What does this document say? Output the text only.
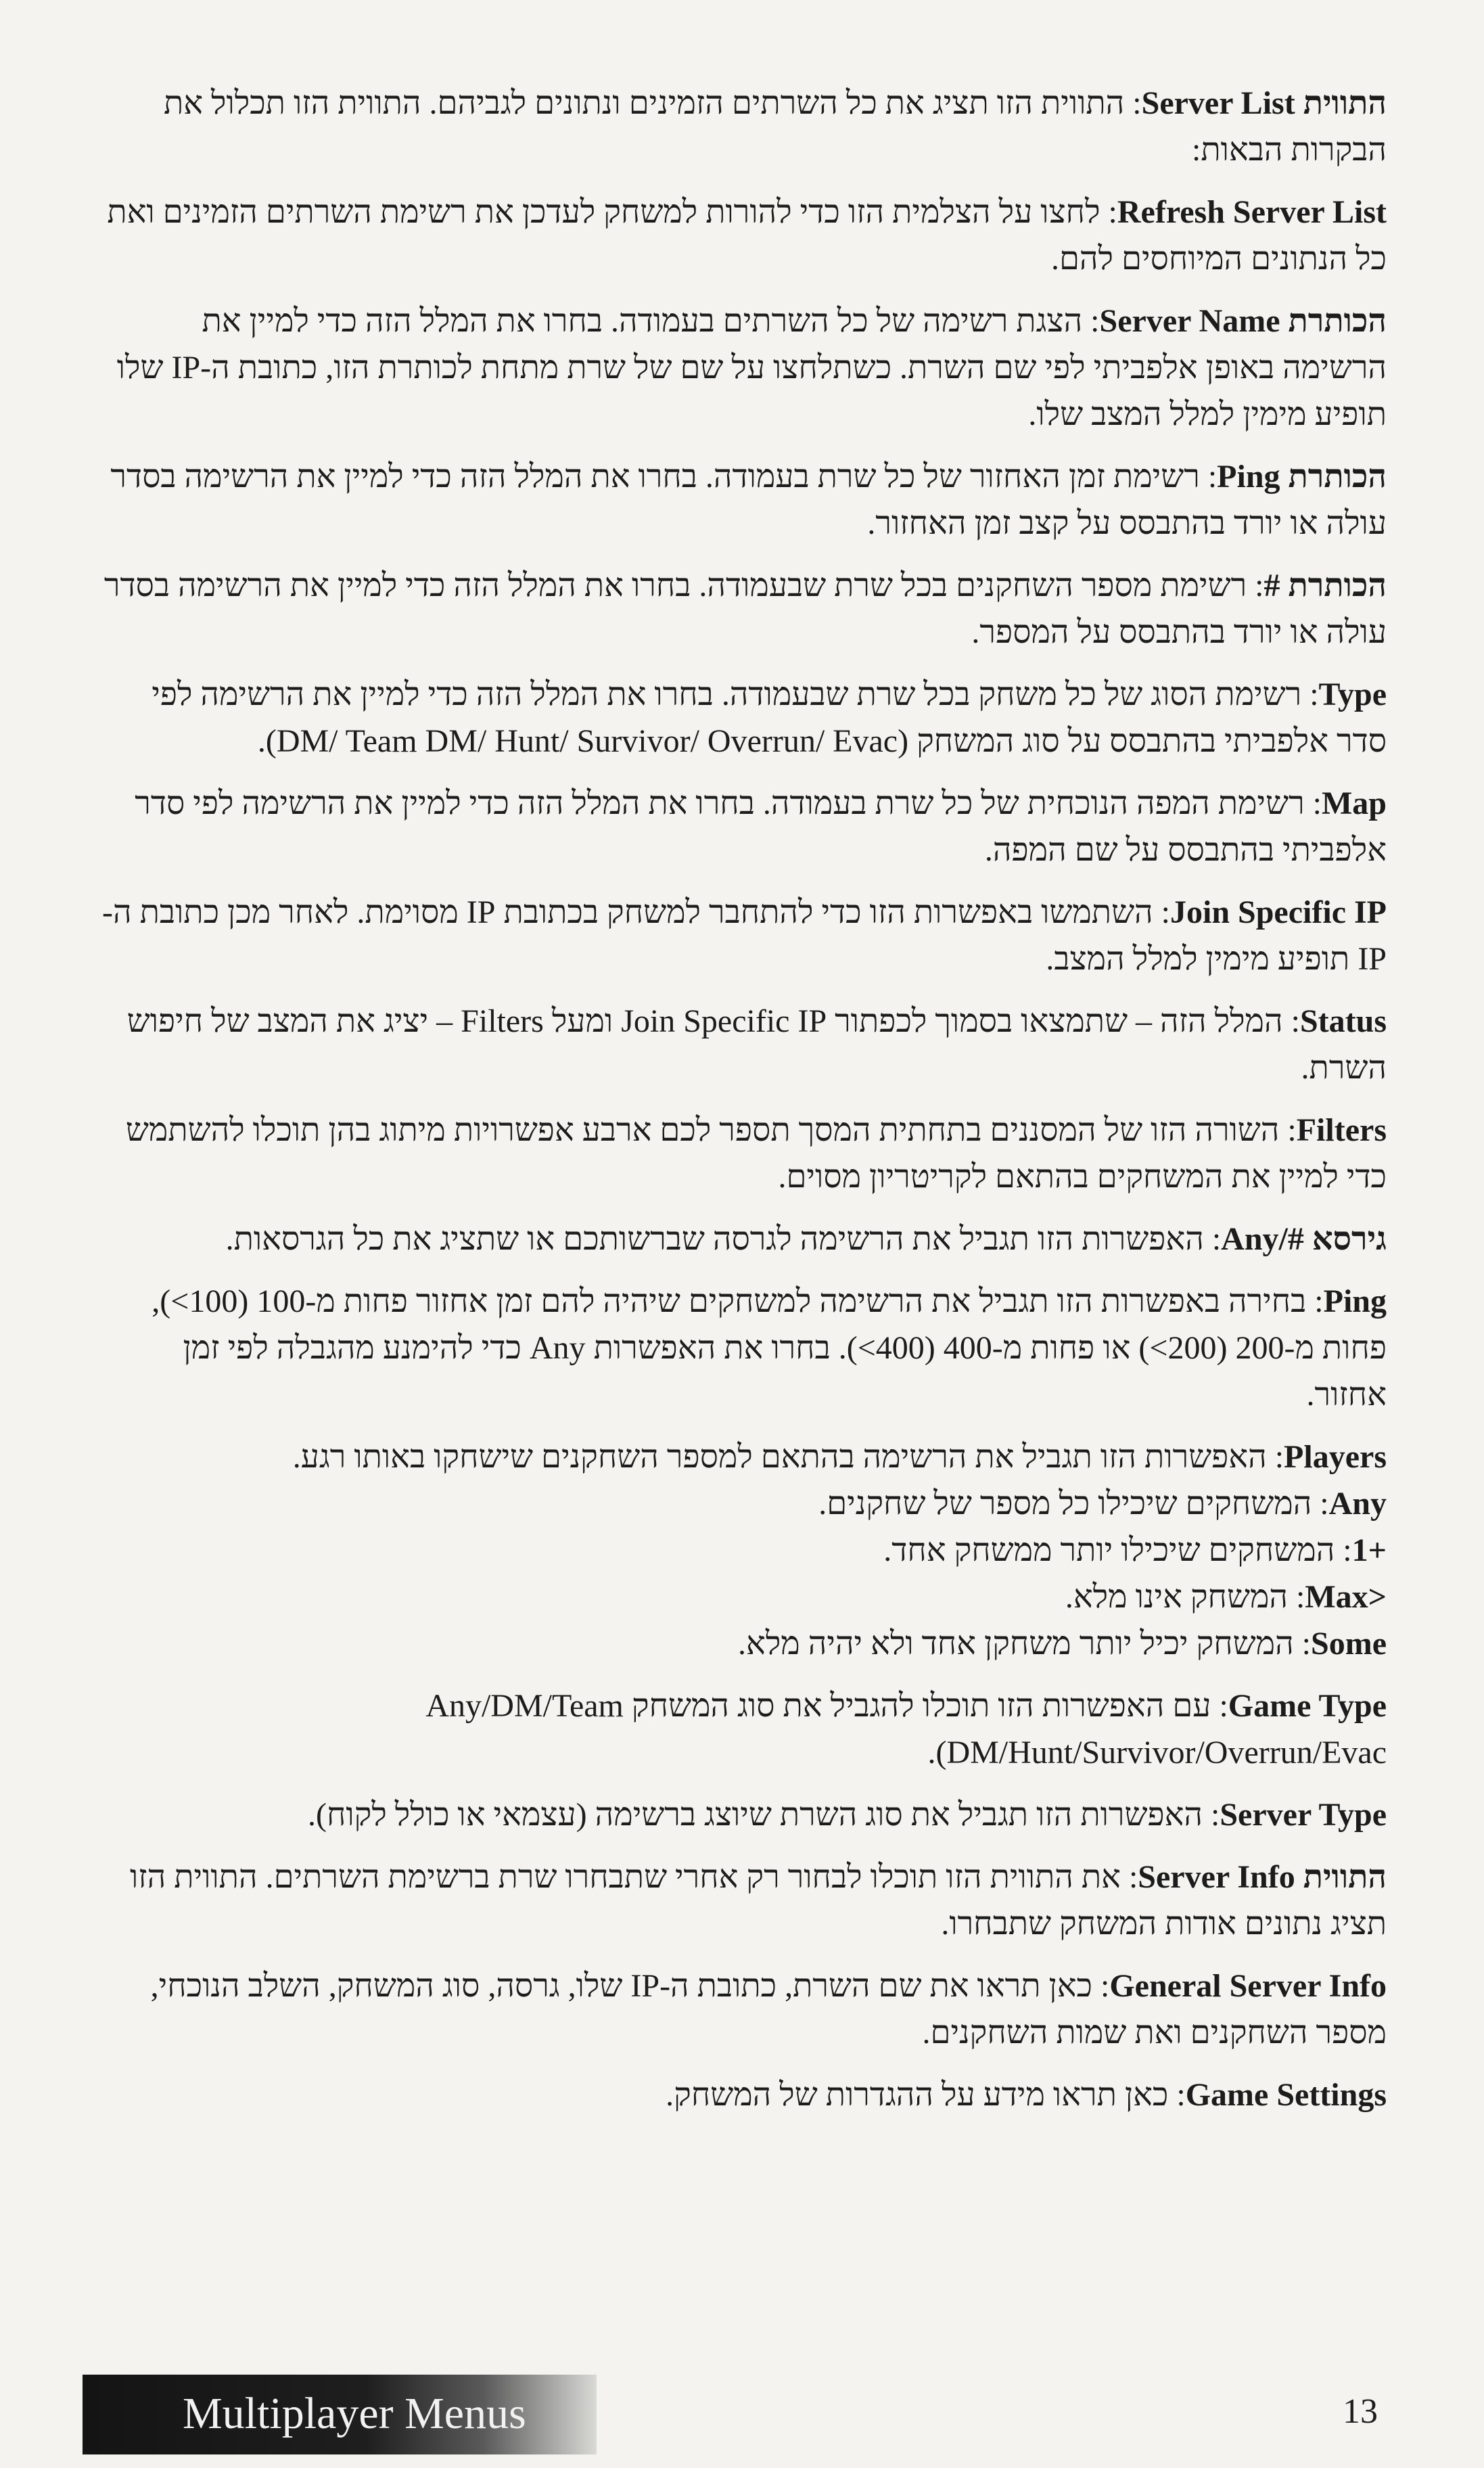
התווית Server List: התווית הזו תציג את כל השרתים הזמינים ונתונים לגביהם. התווית הזו תכלול את הבקרות הבאות:

Refresh Server List: לחצו על הצלמית הזו כדי להורות למשחק לעדכן את רשימת השרתים הזמינים ואת כל הנתונים המיוחסים להם.

הכותרת Server Name: הצגת רשימה של כל השרתים בעמודה. בחרו את המלל הזה כדי למיין את הרשימה באופן אלפביתי לפי שם השרת. כשתלחצו על שם של שרת מתחת לכותרת הזו, כתובת ה-IP שלו תופיע מימין למלל המצב שלו.

הכותרת Ping: רשימת זמן האחזור של כל שרת בעמודה. בחרו את המלל הזה כדי למיין את הרשימה בסדר עולה או יורד בהתבסס על קצב זמן האחזור.

הכותרת #: רשימת מספר השחקנים בכל שרת שבעמודה. בחרו את המלל הזה כדי למיין את הרשימה בסדר עולה או יורד בהתבסס על המספר.

Type: רשימת הסוג של כל משחק בכל שרת שבעמודה. בחרו את המלל הזה כדי למיין את הרשימה לפי סדר אלפביתי בהתבסס על סוג המשחק (DM/ Team DM/ Hunt/ Survivor/ Overrun/ Evac).

Map: רשימת המפה הנוכחית של כל שרת בעמודה. בחרו את המלל הזה כדי למיין את הרשימה לפי סדר אלפביתי בהתבסס על שם המפה.

Join Specific IP: השתמשו באפשרות הזו כדי להתחבר למשחק בכתובת IP מסוימת. לאחר מכן כתובת ה-IP תופיע מימין למלל המצב.

Status: המלל הזה – שתמצאו בסמוך לכפתור Join Specific IP ומעל Filters – יציג את המצב של חיפוש השרת.

Filters: השורה הזו של המסננים בתחתית המסך תספר לכם ארבע אפשרויות מיתוג בהן תוכלו להשתמש כדי למיין את המשחקים בהתאם לקריטריון מסוים.

גירסא Any/#: האפשרות הזו תגביל את הרשימה לגרסה שברשותכם או שתציג את כל הגרסאות.

Ping: בחירה באפשרות הזו תגביל את הרשימה למשחקים שיהיה להם זמן אחזור פחות מ-100 (‎<100‏), פחות מ-200 (‎<200‏) או פחות מ-400 (‎<400‏). בחרו את האפשרות Any כדי להימנע מהגבלה לפי זמן אחזור.

Players: האפשרות הזו תגביל את הרשימה בהתאם למספר השחקנים שישחקו באותו רגע.

Any: המשחקים שיכילו כל מספר של שחקנים.

1+: המשחקים שיכילו יותר ממשחק אחד.

Max>: המשחק אינו מלא.

Some: המשחק יכיל יותר משחקן אחד ולא יהיה מלא.

Game Type: עם האפשרות הזו תוכלו להגביל את סוג המשחק Any/DM/Team DM/Hunt/Survivor/Overrun/Evac).

Server Type: האפשרות הזו תגביל את סוג השרת שיוצג ברשימה (עצמאי או כולל לקוח).

התווית Server Info: את התווית הזו תוכלו לבחור רק אחרי שתבחרו שרת ברשימת השרתים. התווית הזו תציג נתונים אודות המשחק שתבחרו.

General Server Info: כאן תראו את שם השרת, כתובת ה-IP שלו, גרסה, סוג המשחק, השלב הנוכחי, מספר השחקנים ואת שמות השחקנים.

Game Settings: כאן תראו מידע על ההגדרות של המשחק.

Multiplayer Menus	13
